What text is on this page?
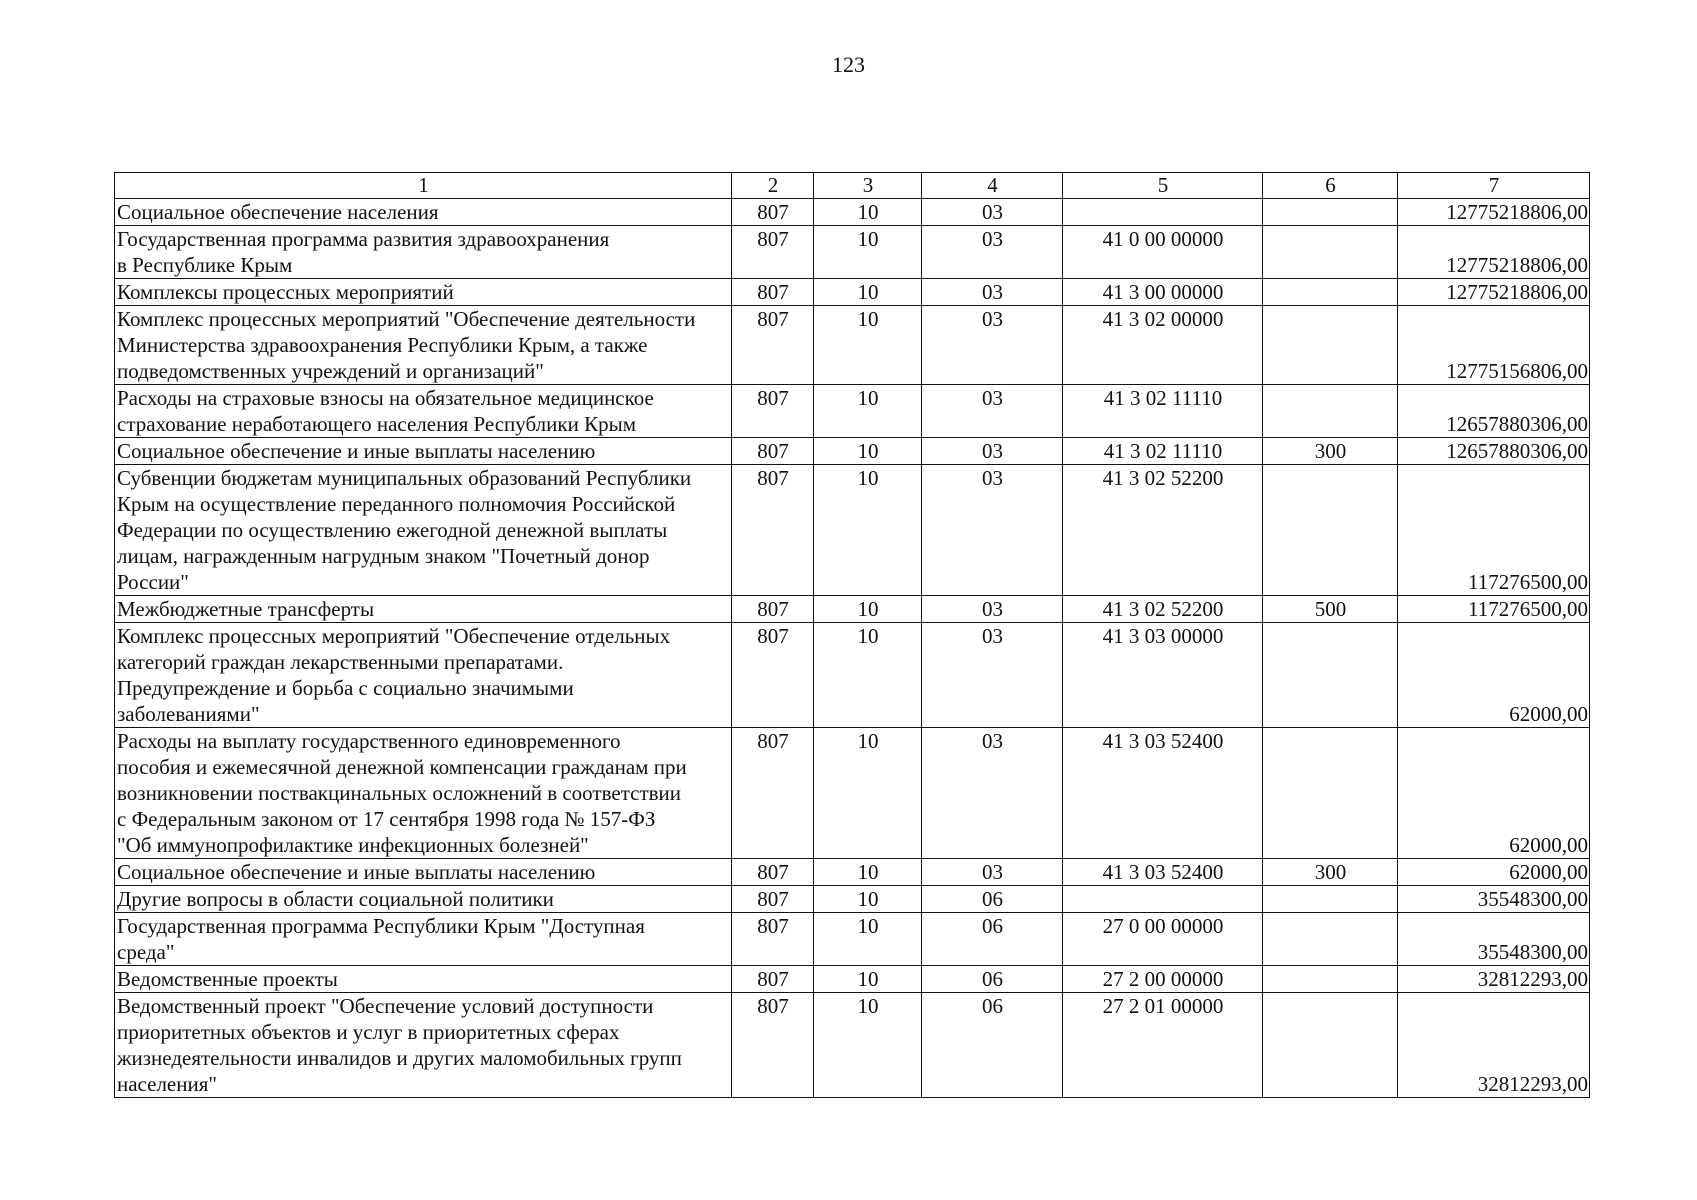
123
1	2	3	4	5	6	7
Социальное обеспечение населения	807	10	03			12775218806,00
Государственная программа развития здравоохранения
в Республике Крым	807	10	03	41 0 00 00000		12775218806,00
Комплексы процессных мероприятий	807	10	03	41 3 00 00000		12775218806,00
Комплекс процессных мероприятий "Обеспечение деятельности
Министерства здравоохранения Республики Крым, а также
подведомственных учреждений и организаций"	807	10	03	41 3 02 00000		12775156806,00
Расходы на страховые взносы на обязательное медицинское
страхование неработающего населения Республики Крым	807	10	03	41 3 02 11110		12657880306,00
Социальное обеспечение и иные выплаты населению	807	10	03	41 3 02 11110	300	12657880306,00
Субвенции бюджетам муниципальных образований Республики
Крым на осуществление переданного полномочия Российской
Федерации по осуществлению ежегодной денежной выплаты
лицам, награжденным нагрудным знаком "Почетный донор
России"	807	10	03	41 3 02 52200		117276500,00
Межбюджетные трансферты	807	10	03	41 3 02 52200	500	117276500,00
Комплекс процессных мероприятий "Обеспечение отдельных
категорий граждан лекарственными препаратами.
Предупреждение и борьба с социально значимыми
заболеваниями"	807	10	03	41 3 03 00000		62000,00
Расходы на выплату государственного единовременного
пособия и ежемесячной денежной компенсации гражданам при
возникновении поствакцинальных осложнений в соответствии
с Федеральным законом от 17 сентября 1998 года № 157-ФЗ
"Об иммунопрофилактике инфекционных болезней"	807	10	03	41 3 03 52400		62000,00
Социальное обеспечение и иные выплаты населению	807	10	03	41 3 03 52400	300	62000,00
Другие вопросы в области социальной политики	807	10	06			35548300,00
Государственная программа Республики Крым "Доступная
среда"	807	10	06	27 0 00 00000		35548300,00
Ведомственные проекты	807	10	06	27 2 00 00000		32812293,00
Ведомственный проект "Обеспечение условий доступности
приоритетных объектов и услуг в приоритетных сферах
жизнедеятельности инвалидов и других маломобильных групп
населения"	807	10	06	27 2 01 00000		32812293,00
